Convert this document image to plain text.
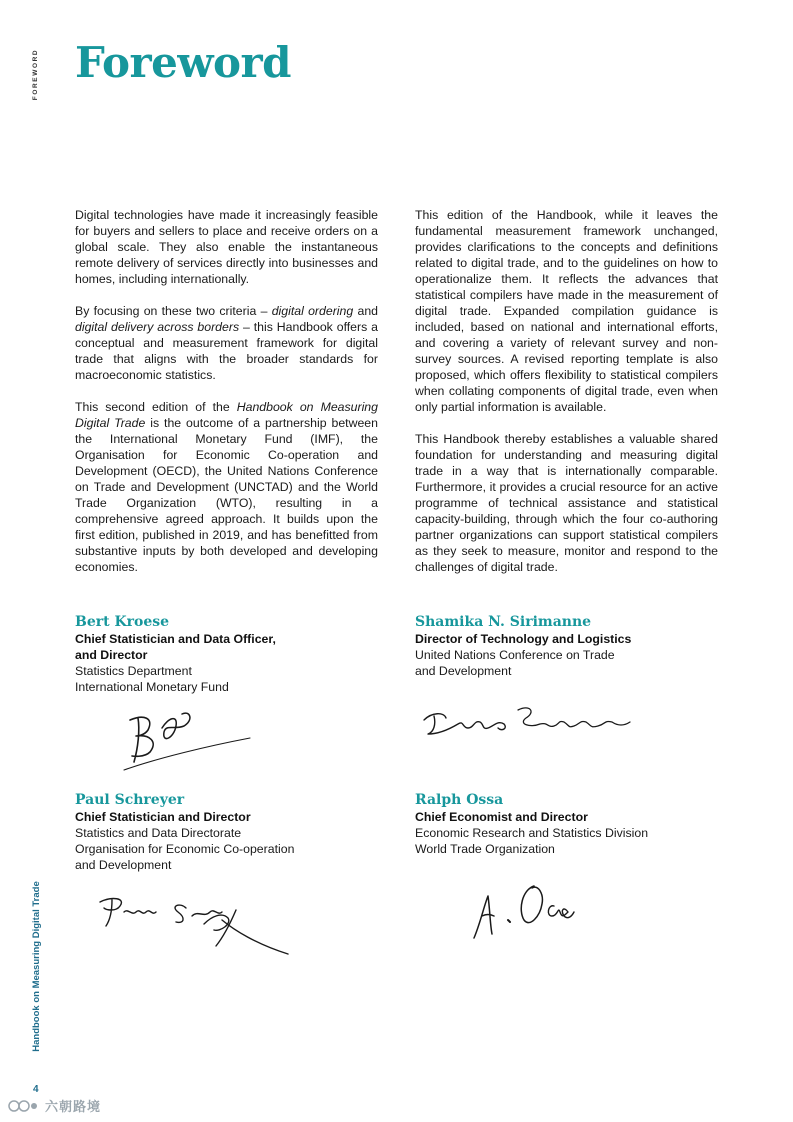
FOREWORD
Handbook on Measuring Digital Trade
4
六朝路境
Foreword

Digital technologies have made it increasingly feasible for buyers and sellers to place and receive orders on a global scale. They also enable the instantaneous remote delivery of services directly into businesses and homes, including internationally.

By focusing on these two criteria – digital ordering and digital delivery across borders – this Handbook offers a conceptual and measurement framework for digital trade that aligns with the broader standards for macroeconomic statistics.

This second edition of the Handbook on Measuring Digital Trade is the outcome of a partnership between the International Monetary Fund (IMF), the Organisation for Economic Co-operation and Development (OECD), the United Nations Conference on Trade and Development (UNCTAD) and the World Trade Organization (WTO), resulting in a comprehensive agreed approach. It builds upon the first edition, published in 2019, and has benefitted from substantive inputs by both developed and developing economies.

This edition of the Handbook, while it leaves the fundamental measurement framework unchanged, provides clarifications to the concepts and definitions related to digital trade, and to the guidelines on how to operationalize them. It reflects the advances that statistical compilers have made in the measurement of digital trade. Expanded compilation guidance is included, based on national and international efforts, and covering a variety of relevant survey and non-survey sources. A revised reporting template is also proposed, which offers flexibility to statistical compilers when collating components of digital trade, even when only partial information is available.

This Handbook thereby establishes a valuable shared foundation for understanding and measuring digital trade in a way that is internationally comparable. Furthermore, it provides a crucial resource for an active programme of technical assistance and statistical capacity-building, through which the four co-authoring partner organizations can support statistical compilers as they seek to measure, monitor and respond to the challenges of digital trade.

Bert Kroese
Chief Statistician and Data Officer,
and Director
Statistics Department
International Monetary Fund
Shamika N. Sirimanne
Director of Technology and Logistics
United Nations Conference on Trade
and Development
Paul Schreyer
Chief Statistician and Director
Statistics and Data Directorate
Organisation for Economic Co-operation
and Development
Ralph Ossa
Chief Economist and Director
Economic Research and Statistics Division
World Trade Organization
